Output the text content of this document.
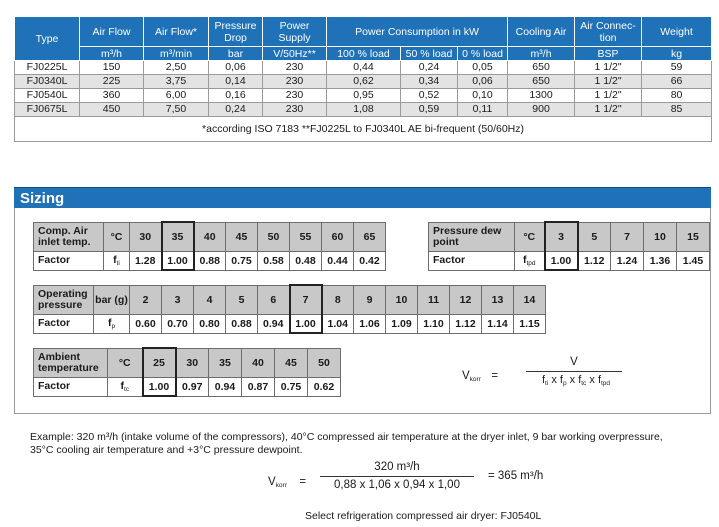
Type	Air Flow	Air Flow*	Pressure Drop	Power Supply	Power Consumption in kW			Cooling Air	Air Connection	Weight
	m³/h	m³/min	bar	V/50Hz**	100 % load	50 % load	0 % load	m³/h	BSP	kg
FJ0225L	150	2,50	0,06	230	0,44	0,24	0,05	650	1 1/2"	59
FJ0340L	225	3,75	0,14	230	0,62	0,34	0,06	650	1 1/2"	66
FJ0540L	360	6,00	0,16	230	0,95	0,52	0,10	1300	1 1/2"	80
FJ0675L	450	7,50	0,24	230	1,08	0,59	0,11	900	1 1/2"	85
*according ISO 7183 **FJ0225L to FJ0340L AE bi-frequent (50/60Hz)										
Sizing
Comp. Air inlet temp.	°C	30	35	40	45	50	55	60	65
Factor	$f_{ti}$	1.28	1.00	0.88	0.75	0.58	0.48	0.44	0.42
Pressure dew point	°C	3	5	7	10	15
Factor	$f_{tpd}$	1.00	1.12	1.24	1.36	1.45
Operating pressure	bar (g)	2	3	4	5	6	7	8	9	10	11	12	13	14
Factor	$f_p$	0.60	0.70	0.80	0.88	0.94	1.00	1.04	1.06	1.09	1.10	1.12	1.14	1.15
Ambient temperature	°C	25	30	35	40	45	50
Factor	$f_{tc}$	1.00	0.97	0.94	0.87	0.75	0.62
$V_{korr}$ =
V
$f_{ti}$ x $f_p$ x $f_{tc}$ x $f_{tpd}$
Example: 320 m³/h (intake volume of the compressors), 40°C compressed air temperature at the dryer inlet, 9 bar working overpressure,
35°C cooling air temperature and +3°C pressure dewpoint.
$V_{korr}$ =
320 m³/h
0,88 x 1,06 x 0,94 x 1,00
= 365 m³/h
Select refrigeration compressed air dryer: FJ0540L
